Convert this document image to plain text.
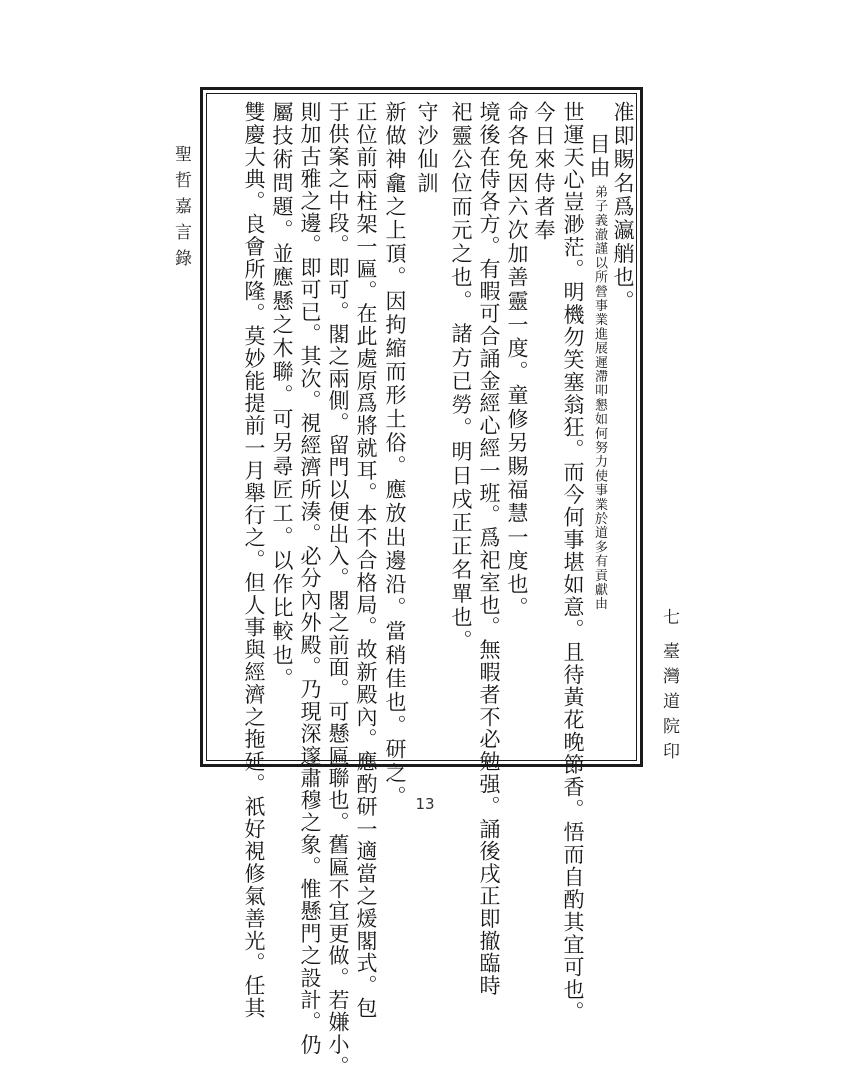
聖哲嘉言錄
七
臺灣道院印
准即賜名爲瀛艄也。
目由
弟子義澈謹以所營事業進展遲滯叩懇如何努力使事業於道多有貢獻由
世運天心豈渺茫。明機勿笑塞翁狂。而今何事堪如意。且待黃花晚節香。悟而自酌其宜可也。
今日來侍者奉
命各免因六次加善靈一度。童修另賜福慧一度也。
境後在侍各方。有暇可合誦金經心經一班。爲祀室也。無暇者不必勉强。誦後戌正即撤臨時
祀靈公位而元之也。 諸方已勞。明日戌正正名單也。
守沙仙訓
新做神龕之上頂。因拘縮而形土俗。應放出邊沿。當稍佳也。研之。
正位前兩柱架一匾。在此處原爲將就耳。本不合格局。故新殿內。應酌研一適當之煖閣式。包
于供案之中段。即可。閣之兩側。留門以便出入。閣之前面。可懸匾聯也。舊匾不宜更做。若嫌小。
則加古雅之邊。即可已。其次。視經濟所湊。必分內外殿。乃現深邃肅穆之象。惟懸門之設計。仍
屬技術問題。並應懸之木聯。可另尋匠工。以作比較也。
雙慶大典。良會所隆。莫妙能提前一月舉行之。但人事與經濟之拖延。祇好視修氣善光。任其	13
